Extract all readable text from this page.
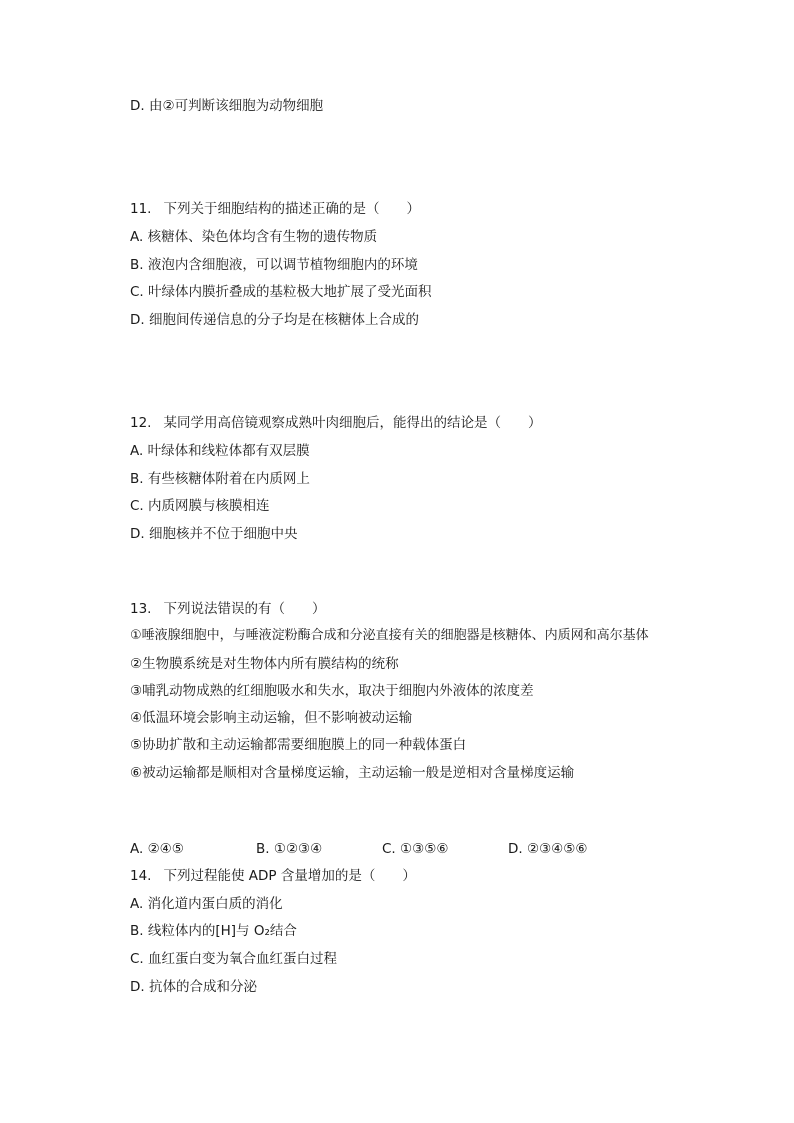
D. 由②可判断该细胞为动物细胞
11. 下列关于细胞结构的描述正确的是（　　）
A. 核糖体、染色体均含有生物的遗传物质
B. 液泡内含细胞液，可以调节植物细胞内的环境
C. 叶绿体内膜折叠成的基粒极大地扩展了受光面积
D. 细胞间传递信息的分子均是在核糖体上合成的
12. 某同学用高倍镜观察成熟叶肉细胞后，能得出的结论是（　　）
A. 叶绿体和线粒体都有双层膜
B. 有些核糖体附着在内质网上
C. 内质网膜与核膜相连
D. 细胞核并不位于细胞中央
13. 下列说法错误的有（　　）
①唾液腺细胞中，与唾液淀粉酶合成和分泌直接有关的细胞器是核糖体、内质网和高尔基体
②生物膜系统是对生物体内所有膜结构的统称
③哺乳动物成熟的红细胞吸水和失水，取决于细胞内外液体的浓度差
④低温环境会影响主动运输，但不影响被动运输
⑤协助扩散和主动运输都需要细胞膜上的同一种载体蛋白
⑥被动运输都是顺相对含量梯度运输，主动运输一般是逆相对含量梯度运输
A. ②④⑤	B. ①②③④	C. ①③⑤⑥	D. ②③④⑤⑥
14. 下列过程能使 ADP 含量增加的是（　　）
A. 消化道内蛋白质的消化
B. 线粒体内的[H]与 O₂结合
C. 血红蛋白变为氧合血红蛋白过程
D. 抗体的合成和分泌
